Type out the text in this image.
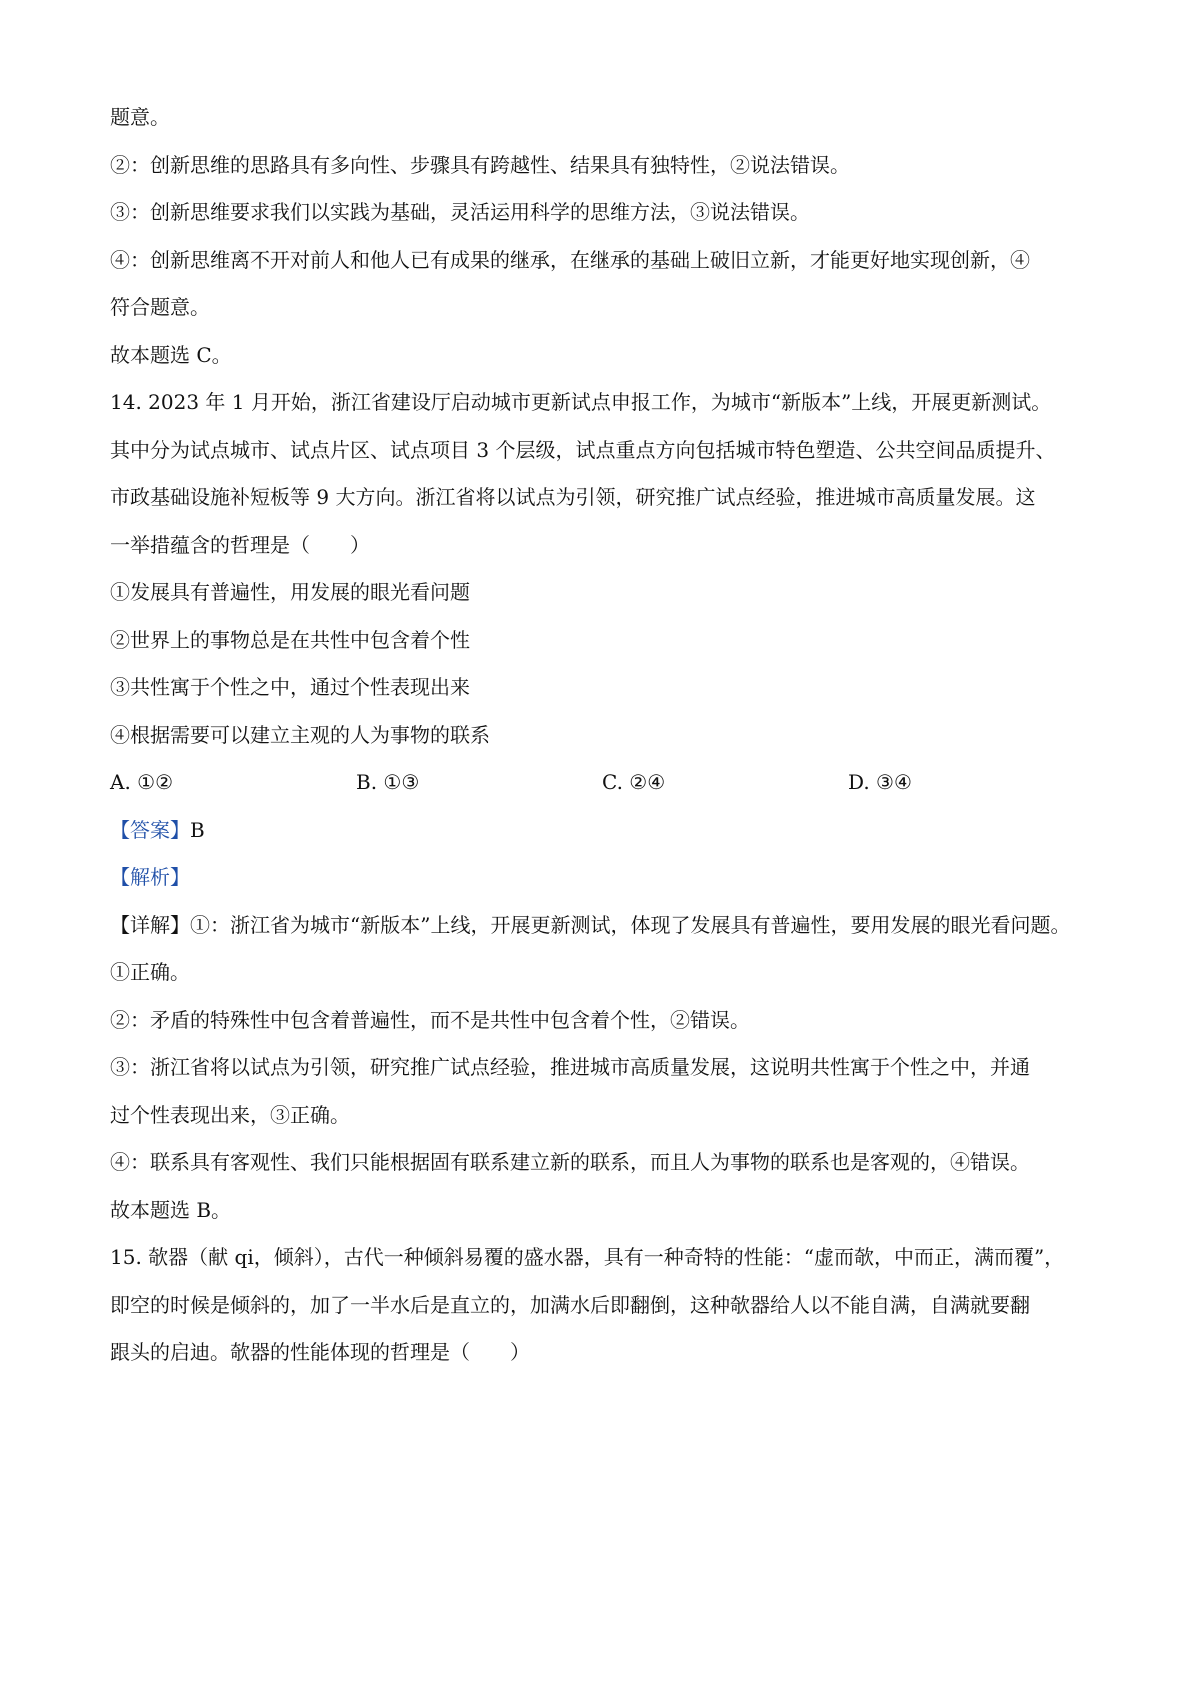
题意。
②：创新思维的思路具有多向性、步骤具有跨越性、结果具有独特性，②说法错误。
③：创新思维要求我们以实践为基础，灵活运用科学的思维方法，③说法错误。
④：创新思维离不开对前人和他人已有成果的继承，在继承的基础上破旧立新，才能更好地实现创新，④
符合题意。
故本题选 C。
14. 2023 年 1 月开始，浙江省建设厅启动城市更新试点申报工作，为城市“新版本”上线，开展更新测试。
其中分为试点城市、试点片区、试点项目 3 个层级，试点重点方向包括城市特色塑造、公共空间品质提升、
市政基础设施补短板等 9 大方向。浙江省将以试点为引领，研究推广试点经验，推进城市高质量发展。这
一举措蕴含的哲理是（　　）
①发展具有普遍性，用发展的眼光看问题
②世界上的事物总是在共性中包含着个性
③共性寓于个性之中，通过个性表现出来
④根据需要可以建立主观的人为事物的联系
A. ①②	B. ①③	C. ②④	D. ③④
【答案】B
【解析】
【详解】①：浙江省为城市“新版本”上线，开展更新测试，体现了发展具有普遍性，要用发展的眼光看问题。
①正确。
②：矛盾的特殊性中包含着普遍性，而不是共性中包含着个性，②错误。
③：浙江省将以试点为引领，研究推广试点经验，推进城市高质量发展，这说明共性寓于个性之中，并通
过个性表现出来，③正确。
④：联系具有客观性、我们只能根据固有联系建立新的联系，而且人为事物的联系也是客观的，④错误。
故本题选 B。
15. 欹器（献 qi，倾斜），古代一种倾斜易覆的盛水器，具有一种奇特的性能：“虚而欹，中而正，满而覆”，
即空的时候是倾斜的，加了一半水后是直立的，加满水后即翻倒，这种欹器给人以不能自满，自满就要翻
跟头的启迪。欹器的性能体现的哲理是（　　）
